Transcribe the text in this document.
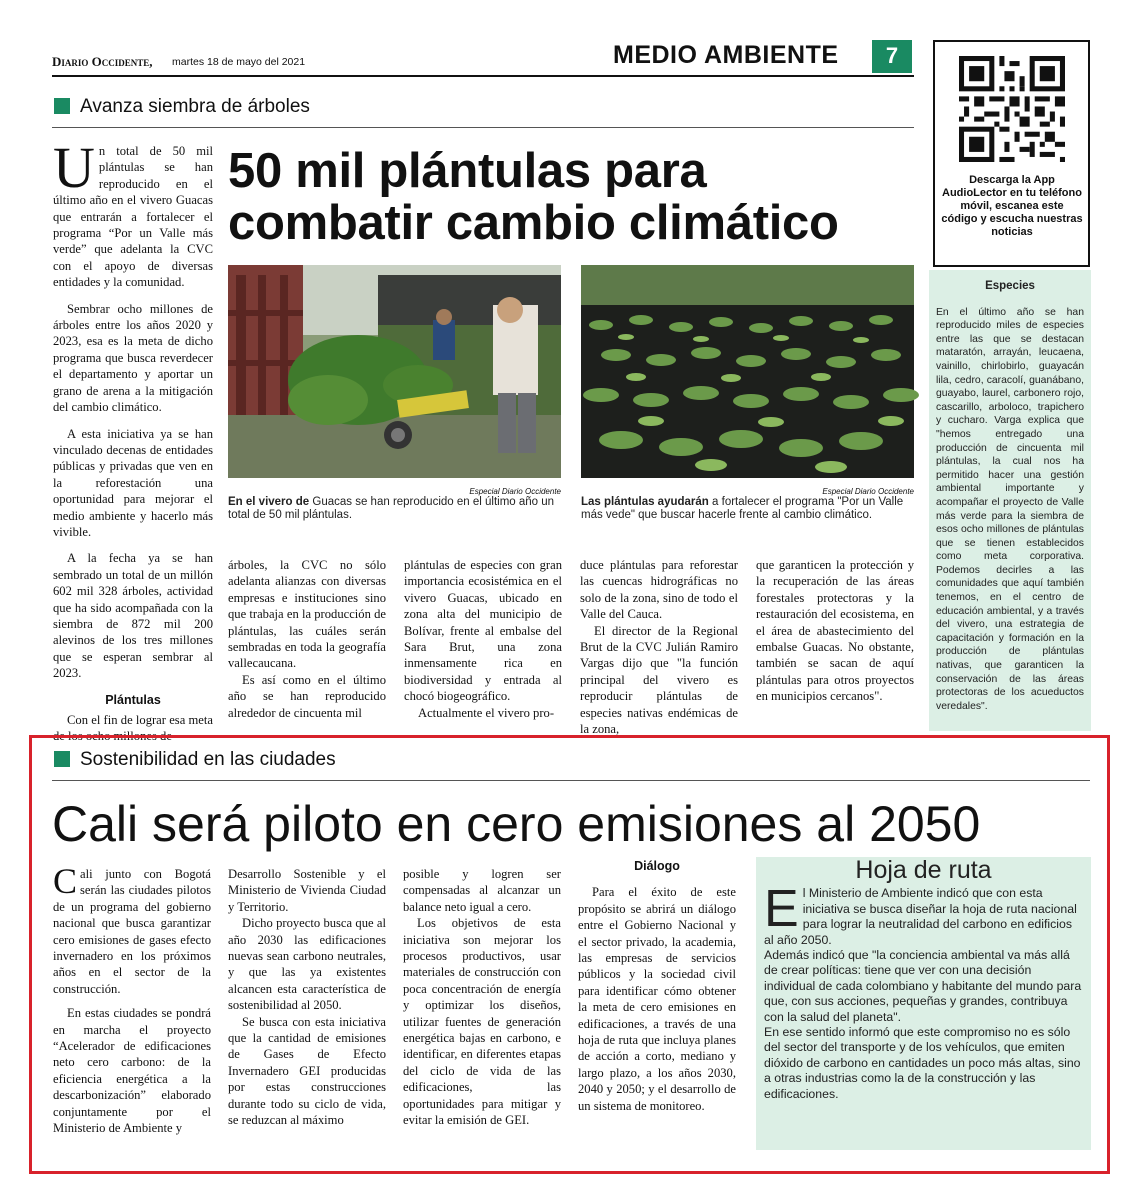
Diario Occidente, martes 18 de mayo del 2021	MEDIO AMBIENTE	7
Descarga la App AudioLector en tu teléfono móvil, escanea este código y escucha nuestras noticias
Avanza siembra de árboles
50 mil plántulas para
combatir cambio climático
U n total de 50 mil plántulas se han reproducido en el último año en el vivero Guacas que entrarán a fortalecer el programa “Por un Valle más verde” que adelanta la CVC con el apoyo de diversas entidades y la comunidad.

Sembrar ocho millones de árboles entre los años 2020 y 2023, esa es la meta de dicho programa que busca reverdecer el departamento y aportar un grano de arena a la mitigación del cambio climático.

A esta iniciativa ya se han vinculado decenas de entidades públicas y privadas que ven en la reforestación una oportunidad para mejorar el medio ambiente y hacerlo más vivible.

A la fecha ya se han sembrado un total de un millón 602 mil 328 árboles, actividad que ha sido acompañada con la siembra de 872 mil 200 alevinos de los tres millones que se esperan sembrar al 2023.

Plántulas

Con el fin de lograr esa meta de los ocho millones de

Especial Diario Occidente
En el vivero de Guacas se han reproducido en el último año un total de 50 mil plántulas.
Especial Diario Occidente
Las plántulas ayudarán a fortalecer el programa "Por un Valle más vede" que buscar hacerle frente al cambio climático.

árboles, la CVC no sólo adelanta alianzas con diversas empresas e instituciones sino que trabaja en la producción de plántulas, las cuáles serán sembradas en toda la geografía vallecaucana.

Es así como en el último año se han reproducido alrededor de cincuenta mil

plántulas de especies con gran importancia ecosistémica en el vivero Guacas, ubicado en zona alta del municipio de Bolívar, frente al embalse del Sara Brut, una zona inmensamente rica en biodiversidad y entrada al chocó biogeográfico.

Actualmente el vivero pro-

duce plántulas para reforestar las cuencas hidrográficas no solo de la zona, sino de todo el Valle del Cauca.

El director de la Regional Brut de la CVC Julián Ramiro Vargas dijo que "la función principal del vivero es reproducir plántulas de especies nativas endémicas de la zona,

que garanticen la protección y la recuperación de las áreas forestales protectoras y la restauración del ecosistema, en el área de abastecimiento del embalse Guacas. No obstante, también se sacan de aquí plántulas para otros proyectos en municipios cercanos".

Especies
En el último año se han reproducido miles de especies entre las que se destacan mataratón, arrayán, leucaena, vainillo, chirlobirlo, guayacán lila, cedro, caracolí, guanábano, guayabo, laurel, carbonero rojo, cascarillo, arboloco, trapichero y cucharo. Varga explica que "hemos entregado una producción de cincuenta mil plántulas, la cual nos ha permitido hacer una gestión ambiental importante y acompañar el proyecto de Valle más verde para la siembra de esos ocho millones de plántulas que se tienen establecidos como meta corporativa. Podemos decirles a las comunidades que aquí también tenemos, en el centro de educación ambiental, y a través del vivero, una estrategia de capacitación y formación en la producción de plántulas nativas, que garanticen la conservación de las áreas protectoras de los acueductos veredales".
Sostenibilidad en las ciudades
Cali será piloto en cero emisiones al 2050
C ali junto con Bogotá serán las ciudades pilotos de un programa del gobierno nacional que busca garantizar cero emisiones de gases efecto invernadero en los próximos años en el sector de la construcción.

En estas ciudades se pondrá en marcha el proyecto “Acelerador de edificaciones neto cero carbono: de la eficiencia energética a la descarbonización” elaborado conjuntamente por el Ministerio de Ambiente y

Desarrollo Sostenible y el Ministerio de Vivienda Ciudad y Territorio.

Dicho proyecto busca que al año 2030 las edificaciones nuevas sean carbono neutrales, y que las ya existentes alcancen esta característica de sostenibilidad al 2050.

Se busca con esta iniciativa que la cantidad de emisiones de Gases de Efecto Invernadero GEI producidas por estas construcciones durante todo su ciclo de vida, se reduzcan al máximo

posible y logren ser compensadas al alcanzar un balance neto igual a cero.

Los objetivos de esta iniciativa son mejorar los procesos productivos, usar materiales de construcción con poca concentración de energía y optimizar los diseños, utilizar fuentes de generación energética bajas en carbono, e identificar, en diferentes etapas del ciclo de vida de las edificaciones, las oportunidades para mitigar y evitar la emisión de GEI.

Diálogo

Para el éxito de este propósito se abrirá un diálogo entre el Gobierno Nacional y el sector privado, la academia, las empresas de servicios públicos y la sociedad civil para identificar cómo obtener la meta de cero emisiones en edificaciones, a través de una hoja de ruta que incluya planes de acción a corto, mediano y largo plazo, a los años 2030, 2040 y 2050; y el desarrollo de un sistema de monitoreo.

Hoja de ruta
El Ministerio de Ambiente indicó que con esta iniciativa se busca diseñar la hoja de ruta nacional para lograr la neutralidad del carbono en edificios al año 2050.
Además indicó que "la conciencia ambiental va más allá de crear políticas: tiene que ver con una decisión individual de cada colombiano y habitante del mundo para que, con sus acciones, pequeñas y grandes, contribuya con la salud del planeta".
En ese sentido informó que este compromiso no es sólo del sector del transporte y de los vehículos, que emiten dióxido de carbono en cantidades un poco más altas, sino a otras industrias como la de la construcción y las edificaciones.
